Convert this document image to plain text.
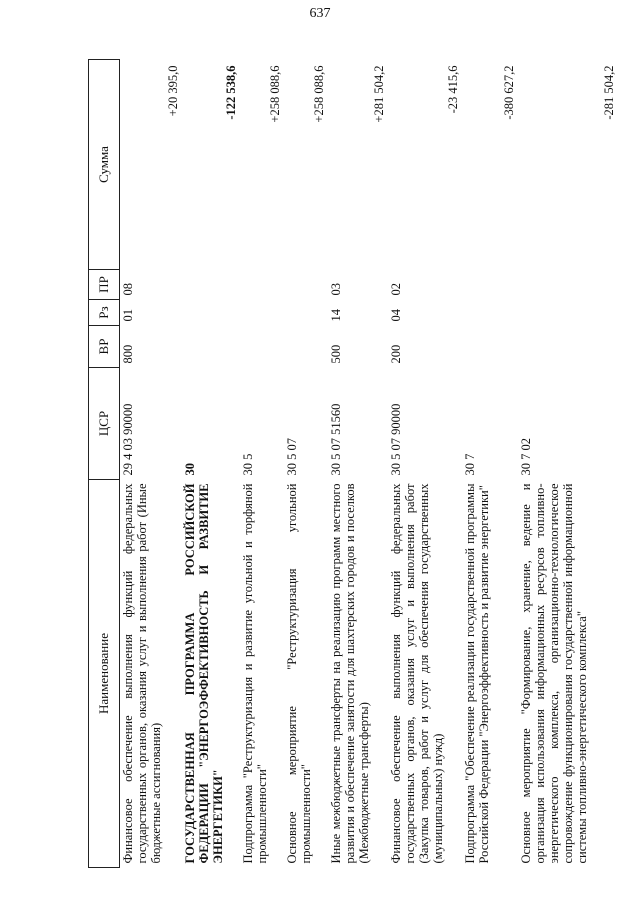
637
Наименование	ЦСР	ВР	Рз	ПР	Сумма
Финансовое обеспечение выполнения функций федеральных государственных органов, оказания услуг и выполнения работ (Иные бюджетные ассигнования)	29 4 03 90000	800	01	08	+20 395,0
ГОСУДАРСТВЕННАЯ ПРОГРАММА РОССИЙСКОЙ ФЕДЕРАЦИИ "ЭНЕРГОЭФФЕКТИВНОСТЬ И РАЗВИТИЕ ЭНЕРГЕТИКИ"	30				-122 538,6
Подпрограмма "Реструктуризация и развитие угольной и торфяной промышленности"	30 5				+258 088,6
Основное мероприятие "Реструктуризация угольной промышленности"	30 5 07				+258 088,6
Иные межбюджетные трансферты на реализацию программ местного развития и обеспечение занятости для шахтерских городов и поселков (Межбюджетные трансферты)	30 5 07 51560	500	14	03	+281 504,2
Финансовое обеспечение выполнения функций федеральных государственных органов, оказания услуг и выполнения работ (Закупка товаров, работ и услуг для обеспечения государственных (муниципальных) нужд)	30 5 07 90000	200	04	02	-23 415,6
Подпрограмма "Обеспечение реализации государственной программы Российской Федерации "Энергоэффективность и развитие энергетики"	30 7				-380 627,2
Основное мероприятие "Формирование, хранение, ведение и организация использования информационных ресурсов топливно-энергетического комплекса, организационно-технологическое сопровождение функционирования государственной информационной системы топливно-энергетического комплекса"	30 7 02				-281 504,2
